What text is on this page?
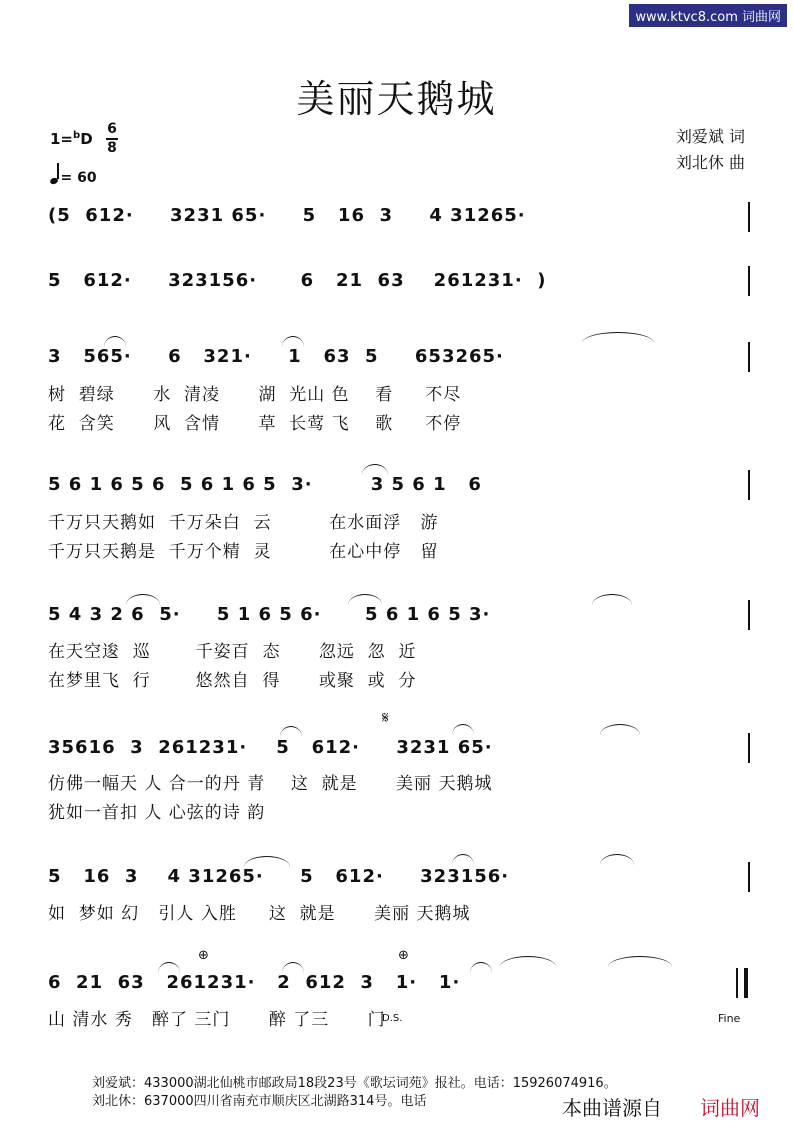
www.ktvc8.com 词曲网
美丽天鹅城
1=$^b$D
6
8
= 60
刘爱斌 词
刘北休 曲
(5  612·     3231 65·     5   16  3     4 31265·
5   612·     323156·      6   21  63    261231·  )
3   565·     6   321·     1   63  5     653265·
树  碧绿      水  清凌      湖  光山 色    看     不尽
花  含笑      风  含情      草  长莺 飞    歌     不停
5 6 1 6 5 6  5 6 1 6 5  3·        3 5 6 1   6
千万只天鹅如  千万朵白  云         在水面浮   游
千万只天鹅是  千万个精  灵         在心中停   留
5 4 3 2 6  5·     5 1 6 5 6·      5 6 1 6 5 3·
在天空逡  巡       千姿百  态      忽远  忽  近
在梦里飞  行       悠然自  得      或聚  或  分
𝄋
35616  3  261231·    5   612·     3231 65·
仿佛一幅天 人 合一的丹 青    这  就是      美丽 天鹅城
犹如一首扣 人 心弦的诗 韵
5   16  3    4 31265·     5   612·     323156·
如  梦如 幻   引人 入胜     这  就是      美丽 天鹅城
⊕	⊕
6  21  63   261231·   2  612  3   1·   1·
山 清水 秀   醉了 三门      醉 了三      门
D.S.	Fine
刘爱斌：433000湖北仙桃市邮政局18段23号《歌坛词苑》报社。电话：15926074916。
刘北休：637000四川省南充市顺庆区北湖路314号。电话	本曲谱源自 词曲网
